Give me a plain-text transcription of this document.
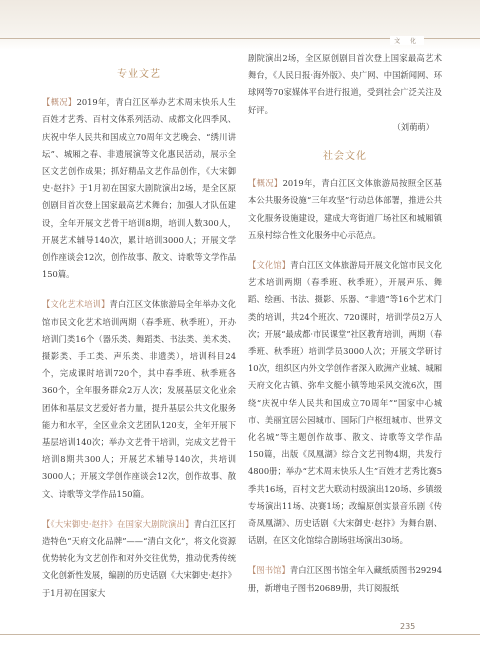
文 化

专业文艺

【概况】2019年，青白江区举办艺术周末快乐人生百姓才艺秀、百村文体系列活动、成都文化四季风、庆祝中华人民共和国成立70周年文艺晚会、“绣川讲坛”、城厢之春、非遗展演等文化惠民活动，展示全区文艺创作成果；抓好精品文艺作品创作，《大宋御史·赵抃》于1月初在国家大剧院演出2场，是全区原创剧目首次登上国家最高艺术舞台；加强人才队伍建设，全年开展文艺骨干培训8期，培训人数300人，开展艺术辅导140次，累计培训3000人；开展文学创作座谈会12次，创作故事、散文、诗歌等文学作品150篇。

【文化艺术培训】青白江区文体旅游局全年举办文化馆市民文化艺术培训两期（春季班、秋季班），开办培训门类16个（器乐类、舞蹈类、书法类、美术类、摄影类、手工类、声乐类、非遗类），培训科目24个，完成课时培训720个，其中春季班、秋季班各360个，全年服务群众2万人次；发展基层文化业余团体和基层文艺爱好者力量，提升基层公共文化服务能力和水平，全区业余文艺团队120支，全年开展下基层培训140次；举办文艺骨干培训，完成文艺骨干培训8期共300人；开展艺术辅导140次，共培训3000人；开展文学创作座谈会12次，创作故事、散文、诗歌等文学作品150篇。

【《大宋御史·赵抃》在国家大剧院演出】青白江区打造特色“天府文化品牌”——“清白文化”，将文化资源优势转化为文艺创作和对外交往优势，推动优秀传统文化创新性发展，编剧的历史话剧《大宋御史·赵抃》于1月初在国家大

剧院演出2场，全区原创剧目首次登上国家最高艺术舞台，《人民日报·海外版》、央广网、中国新闻网、环球网等70家媒体平台进行报道，受到社会广泛关注及好评。

（刘萌萌）

社会文化

【概况】2019年，青白江区文体旅游局按照全区基本公共服务设施“三年攻坚”行动总体部署，推进公共文化服务设施建设，建成大弯街道厂场社区和城厢镇五泉村综合性文化服务中心示范点。

【文化馆】青白江区文体旅游局开展文化馆市民文化艺术培训两期（春季班、秋季班），开展声乐、舞蹈、绘画、书法、摄影、乐器、“非遗”等16个艺术门类的培训，共24个班次、720课时，培训学员2万人次；开展“最成都·市民课堂”社区教育培训，两期（春季班、秋季班）培训学员3000人次；开展文学研讨10次，组织区内外文学创作者深入欧洲产业城、城厢天府文化古镇、弥牟文艇小镇等地采风交流6次，围绕“庆祝中华人民共和国成立70周年”“国家中心城市、美丽宜居公园城市、国际门户枢纽城市、世界文化名城”等主题创作故事、散文、诗歌等文学作品150篇，出版《凤凰湖》综合文艺刊物4期，共发行4800册；举办“艺术周末快乐人生”百姓才艺秀比赛5季共16场，百村文艺大联动村级演出120场、乡镇级专场演出11场、决赛1场；改编原创实景音乐剧《传奇凤凰湖》、历史话剧《大宋御史·赵抃》为舞台剧、话剧，在区文化馆综合剧场驻场演出30场。

【图书馆】青白江区图书馆全年入藏纸质图书29294册，新增电子图书20689册，共订阅报纸

235
